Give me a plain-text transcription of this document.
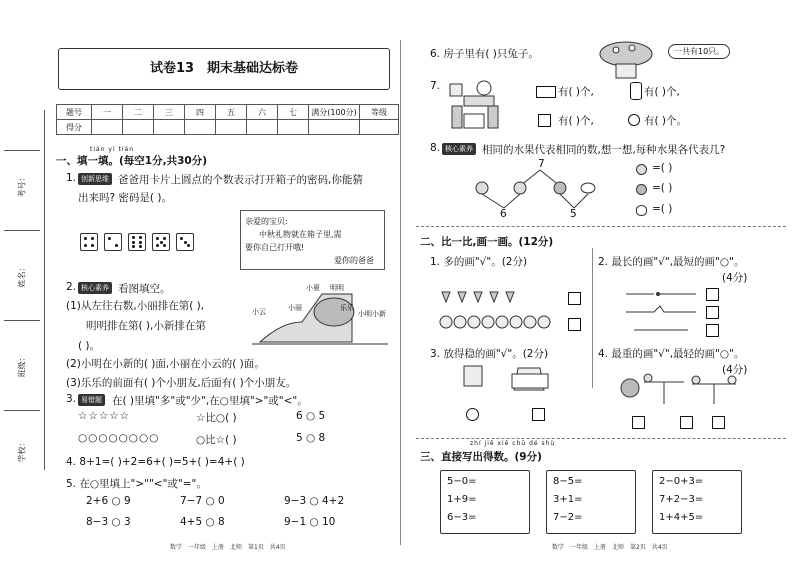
考号：
姓名：
班级：
学校：
试卷13　期末基础达标卷
题号	一	二	三	四	五	六	七	满分(100分)	等级
得分									
tián yi tián
一、填一填。(每空1分,共30分)
1. 创新思维 爸爸用卡片上圆点的个数表示打开箱子的密码,你能猜
出来吗? 密码是( )。
亲爱的宝贝:
中秋礼物就在箱子里,需
要你自己打开哦!
爱你的爸爸
2. 核心素养 看图填空。
(1)从左往右数,小丽排在第( ),
明明排在第( ),小新排在第
( )。
(2)小明在小新的( )面,小丽在小云的( )面。
(3)乐乐的前面有( )个小朋友,后面有( )个小朋友。
小夏 明明
小丽
小云	乐乐
小明 小新
3. 易错题 在( )里填"多"或"少",在○里填">"或"<"。
☆☆☆☆☆
○○○○○○○○
☆比○( )
○比☆( )
6 ○ 5
5 ○ 8
4. 8+1=( )+2=6+( )=5+( )=4+( )
5. 在○里填上">""<"或"="。
2+6 ○ 9	7−7 ○ 0	9−3 ○ 4+2
8−3 ○ 3	4+5 ○ 8	9−1 ○ 10
数学　一年级　上册　北师　第1页　共4页
6. 房子里有( )只兔子。	一共有10只。
7.	有( )个,	有( )个,
有( )个,	有( )个。
8. 核心素养 相同的水果代表相同的数,想一想,每种水果各代表几?
7
6	5
=( )
=( )
=( )
二、比一比,画一画。(12分)
1. 多的画"√"。(2分)	2. 最长的画"√",最短的画"○"。
(4分)
3. 放得稳的画"√"。(2分)	4. 最重的画"√",最轻的画"○"。
(4分)
zhí jiē xiě chū dé shù
三、直接写出得数。(9分)
5−0=
1+9=
6−3=
8−5=
3+1=
7−2=
2−0+3=
7+2−3=
1+4+5=
数学　一年级　上册　北师　第2页　共4页
